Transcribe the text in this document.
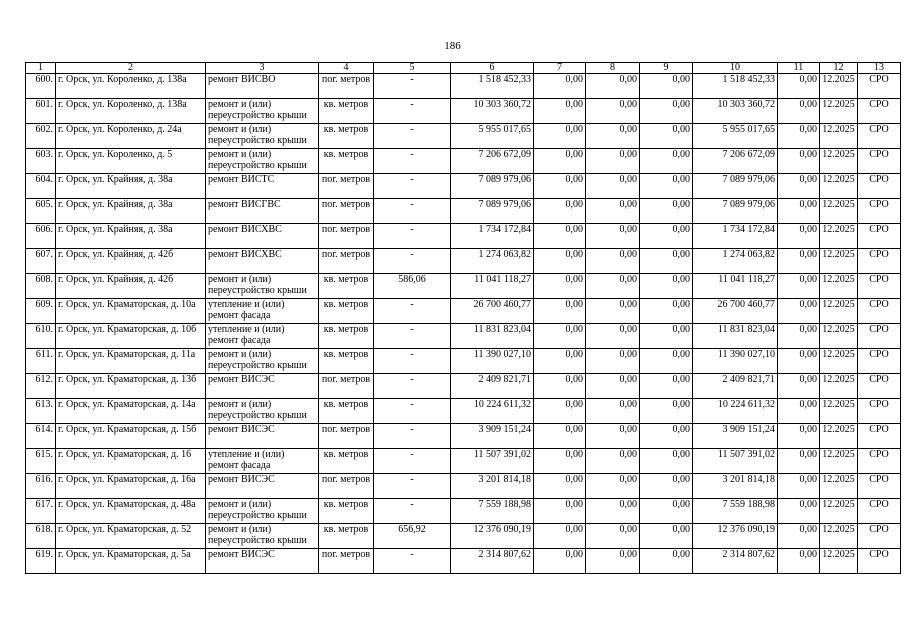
186
1	2	3	4	5	6	7	8	9	10	11	12	13
600.	г. Орск, ул. Короленко, д. 138а	ремонт ВИСВО	пог. метров	-	1 518 452,33	0,00	0,00	0,00	1 518 452,33	0,00	12.2025	СРО
601.	г. Орск, ул. Короленко, д. 138а	ремонт и (или) переустройство крыши	кв. метров	-	10 303 360,72	0,00	0,00	0,00	10 303 360,72	0,00	12.2025	СРО
602.	г. Орск, ул. Короленко, д. 24а	ремонт и (или) переустройство крыши	кв. метров	-	5 955 017,65	0,00	0,00	0,00	5 955 017,65	0,00	12.2025	СРО
603.	г. Орск, ул. Короленко, д. 5	ремонт и (или) переустройство крыши	кв. метров	-	7 206 672,09	0,00	0,00	0,00	7 206 672,09	0,00	12.2025	СРО
604.	г. Орск, ул. Крайняя, д. 38а	ремонт ВИСТС	пог. метров	-	7 089 979,06	0,00	0,00	0,00	7 089 979,06	0,00	12.2025	СРО
605.	г. Орск, ул. Крайняя, д. 38а	ремонт ВИСГВС	пог. метров	-	7 089 979,06	0,00	0,00	0,00	7 089 979,06	0,00	12.2025	СРО
606.	г. Орск, ул. Крайняя, д. 38а	ремонт ВИСХВС	пог. метров	-	1 734 172,84	0,00	0,00	0,00	1 734 172,84	0,00	12.2025	СРО
607.	г. Орск, ул. Крайняя, д. 42б	ремонт ВИСХВС	пог. метров	-	1 274 063,82	0,00	0,00	0,00	1 274 063,82	0,00	12.2025	СРО
608.	г. Орск, ул. Крайняя, д. 42б	ремонт и (или) переустройство крыши	кв. метров	586,06	11 041 118,27	0,00	0,00	0,00	11 041 118,27	0,00	12.2025	СРО
609.	г. Орск, ул. Краматорская, д. 10а	утепление и (или) ремонт фасада	кв. метров	-	26 700 460,77	0,00	0,00	0,00	26 700 460,77	0,00	12.2025	СРО
610.	г. Орск, ул. Краматорская, д. 10б	утепление и (или) ремонт фасада	кв. метров	-	11 831 823,04	0,00	0,00	0,00	11 831 823,04	0,00	12.2025	СРО
611.	г. Орск, ул. Краматорская, д. 11а	ремонт и (или) переустройство крыши	кв. метров	-	11 390 027,10	0,00	0,00	0,00	11 390 027,10	0,00	12.2025	СРО
612.	г. Орск, ул. Краматорская, д. 13б	ремонт ВИСЭС	пог. метров	-	2 409 821,71	0,00	0,00	0,00	2 409 821,71	0,00	12.2025	СРО
613.	г. Орск, ул. Краматорская, д. 14а	ремонт и (или) переустройство крыши	кв. метров	-	10 224 611,32	0,00	0,00	0,00	10 224 611,32	0,00	12.2025	СРО
614.	г. Орск, ул. Краматорская, д. 15б	ремонт ВИСЭС	пог. метров	-	3 909 151,24	0,00	0,00	0,00	3 909 151,24	0,00	12.2025	СРО
615.	г. Орск, ул. Краматорская, д. 16	утепление и (или) ремонт фасада	кв. метров	-	11 507 391,02	0,00	0,00	0,00	11 507 391,02	0,00	12.2025	СРО
616.	г. Орск, ул. Краматорская, д. 16а	ремонт ВИСЭС	пог. метров	-	3 201 814,18	0,00	0,00	0,00	3 201 814,18	0,00	12.2025	СРО
617.	г. Орск, ул. Краматорская, д. 48а	ремонт и (или) переустройство крыши	кв. метров	-	7 559 188,98	0,00	0,00	0,00	7 559 188,98	0,00	12.2025	СРО
618.	г. Орск, ул. Краматорская, д. 52	ремонт и (или) переустройство крыши	кв. метров	656,92	12 376 090,19	0,00	0,00	0,00	12 376 090,19	0,00	12.2025	СРО
619.	г. Орск, ул. Краматорская, д. 5а	ремонт ВИСЭС	пог. метров	-	2 314 807,62	0,00	0,00	0,00	2 314 807,62	0,00	12.2025	СРО
